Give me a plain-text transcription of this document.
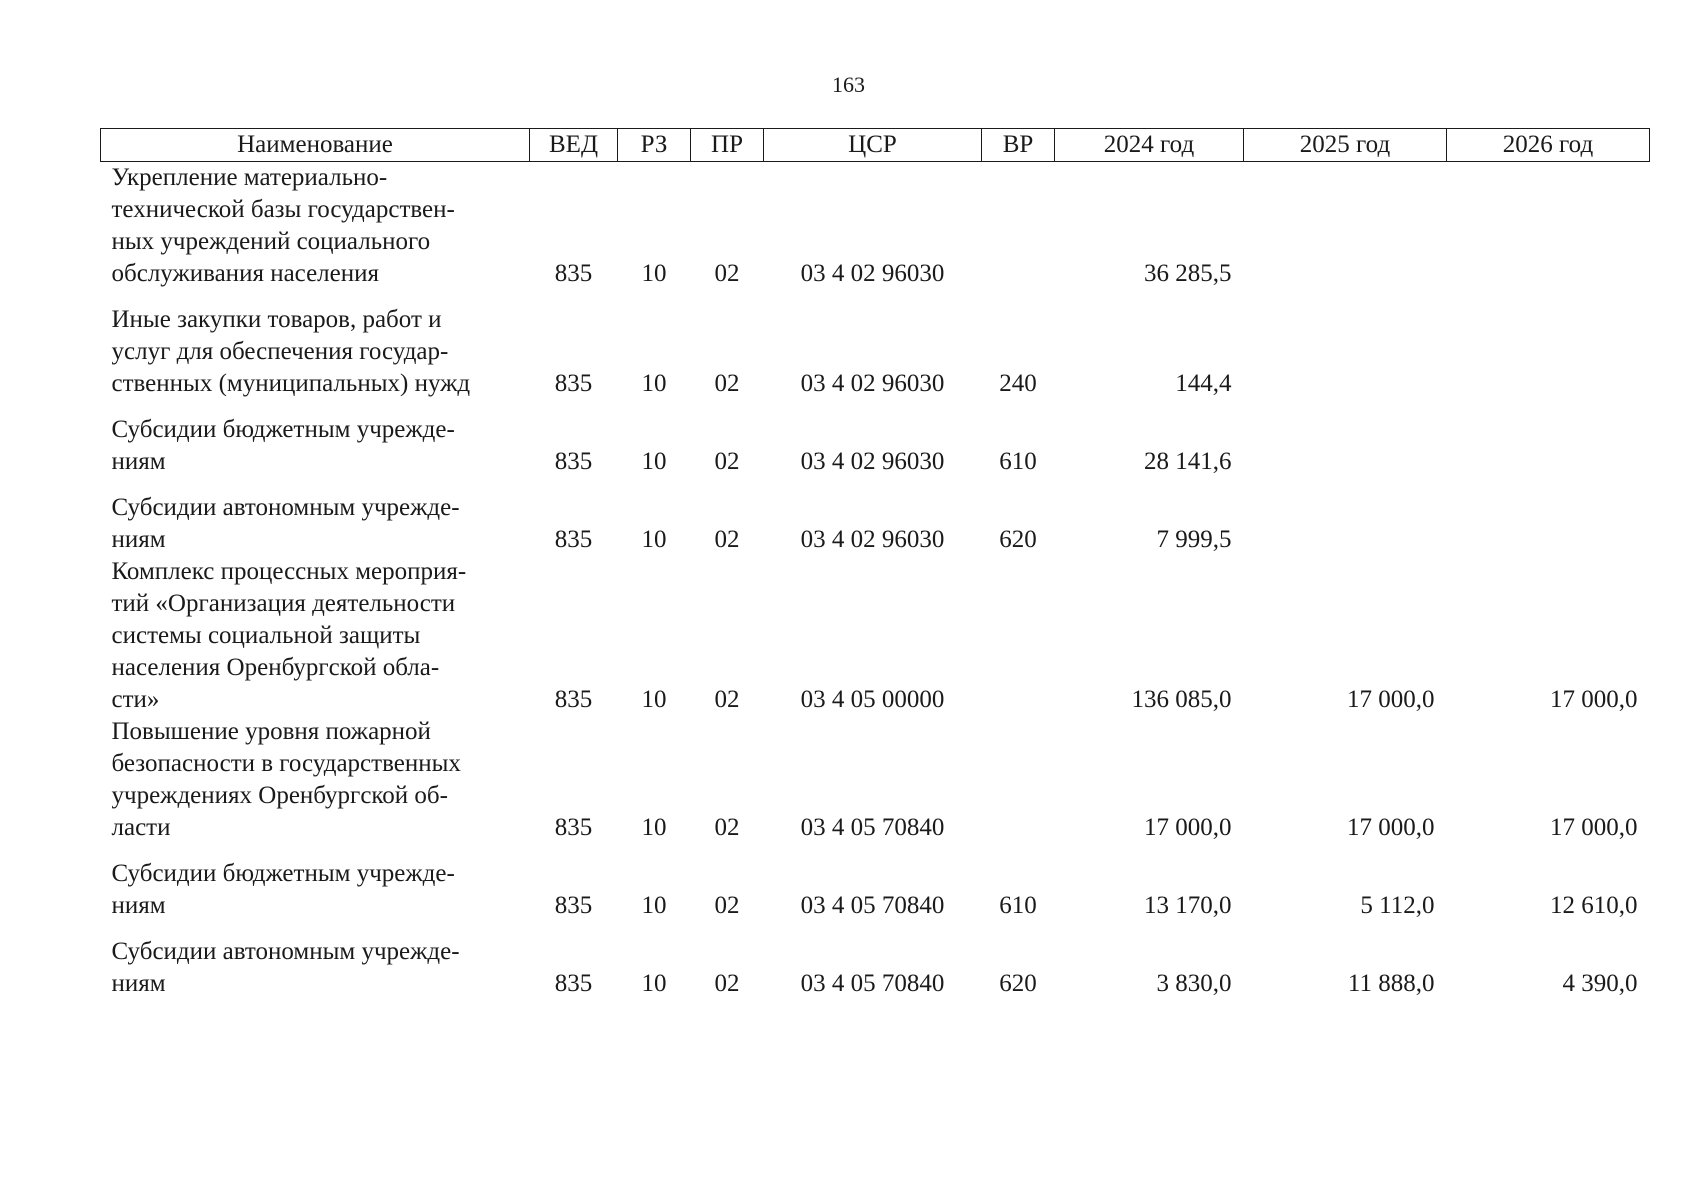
163
Наименование	ВЕД	РЗ	ПР	ЦСР	ВР	2024 год	2025 год	2026 год

Укрепление материально-
технической базы государствен-
ных учреждений социального
обслуживания населения	835	10	02	03 4 02 96030		36 285,5		

Иные закупки товаров, работ и
услуг для обеспечения государ-
ственных (муниципальных) нужд	835	10	02	03 4 02 96030	240	144,4		

Субсидии бюджетным учрежде-
ниям	835	10	02	03 4 02 96030	610	28 141,6		

Субсидии автономным учрежде-
ниям	835	10	02	03 4 02 96030	620	7 999,5		

Комплекс процессных мероприя-
тий «Организация деятельности
системы социальной защиты
населения Оренбургской обла-
сти»	835	10	02	03 4 05 00000		136 085,0	17 000,0	17 000,0

Повышение уровня пожарной
безопасности в государственных
учреждениях Оренбургской об-
ласти	835	10	02	03 4 05 70840		17 000,0	17 000,0	17 000,0

Субсидии бюджетным учрежде-
ниям	835	10	02	03 4 05 70840	610	13 170,0	5 112,0	12 610,0

Субсидии автономным учрежде-
ниям	835	10	02	03 4 05 70840	620	3 830,0	11 888,0	4 390,0
